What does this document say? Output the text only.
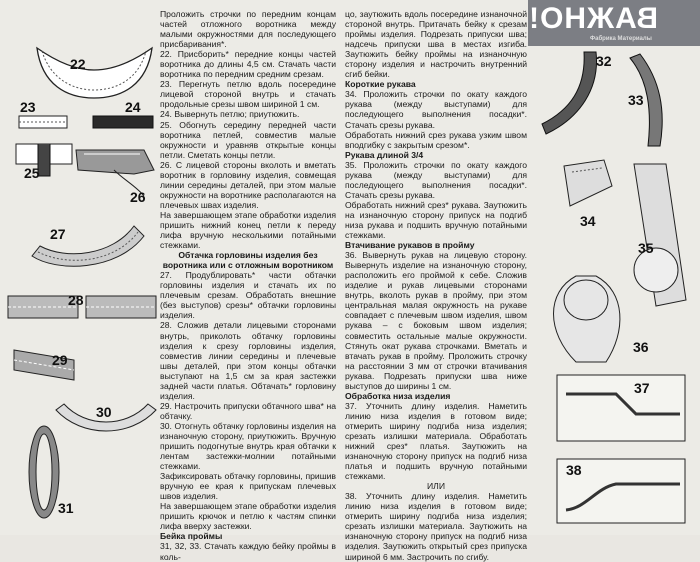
ВАЖНО!
Фабрика Материалы

Проложить строчки по передним концам частей отложного воротника между малыми окружностями для последующего присбаривания*.

22. Присборить* передние концы частей воротника до длины 4,5 см. Стачать части воротника по передним средним срезам.

23. Перегнуть петлю вдоль посередине лицевой стороной внутрь и стачать продольные срезы швом шириной 1 см.

24. Вывернуть петлю; приутюжить.

25. Обогнуть середину передней части воротника петлей, совместив малые окружности и уравняв открытые концы петли. Сметать концы петли.

26. С лицевой стороны вколоть и вметать воротник в горловину изделия, совмещая линии середины деталей, при этом малые окружности на воротнике располагаются на плечевых швах изделия.

На завершающем этапе обработки изделия пришить нижний конец петли к переду лифа вручную несколькими потайными стежками.

Обтачка горловины изделия без воротника или с отложным воротником

27. Продублировать* части обтачки горловины изделия и стачать их по плечевым срезам. Обработать внешние (без выступов) срезы* обтачки горловины изделия.

28. Сложив детали лицевыми сторонами внутрь, приколоть обтачку горловины изделия к срезу горловины изделия, совместив линии середины и плечевые швы деталей, при этом концы обтачки выступают на 1,5 см за края застежки задней части платья. Обтачать* горловину изделия.

29. Настрочить припуски обтачного шва* на обтачку.

30. Отогнуть обтачку горловины изделия на изнаночную сторону, приутюжить. Вручную пришить подогнутые внутрь края обтачки к лентам застежки-молнии потайными стежками.

Зафиксировать обтачку горловины, пришив вручную ее края к припускам плечевых швов изделия.

На завершающем этапе обработки изделия пришить крючок и петлю к частям спинки лифа вверху застежки.

Бейка проймы

31, 32, 33. Стачать каждую бейку проймы в коль-

цо, заутюжить вдоль посередине изнаночной стороной внутрь. Притачать бейку к срезам проймы изделия. Подрезать припуски шва; надсечь припуски шва в местах изгиба. Заутюжить бейку проймы на изнаночную сторону изделия и настрочить внутренний сгиб бейки.

Короткие рукава

34. Проложить строчки по окату каждого рукава (между выступами) для последующего выполнения посадки*. Стачать срезы рукава.

Обработать нижний срез рукава узким швом вподгибку с закрытым срезом*.

Рукава длиной 3/4

35. Проложить строчки по окату каждого рукава (между выступами) для последующего выполнения посадки*. Стачать срезы рукава.

Обработать нижний срез* рукава. Заутюжить на изнаночную сторону припуск на подгиб низа рукава и подшить вручную потайными стежками.

Втачивание рукавов в пройму

36. Вывернуть рукав на лицевую сторону. Вывернуть изделие на изнаночную сторону, расположить его проймой к себе. Сложив изделие и рукав лицевыми сторонами внутрь, вколоть рукав в пройму, при этом центральная малая окружность на рукаве совпадает с плечевым швом изделия, швом рукава – с боковым швом изделия; совместить остальные малые окружности. Стянуть окат рукава строчками. Вметать и втачать рукав в пройму. Проложить строчку на расстоянии 3 мм от строчки втачивания рукава. Подрезать припуски шва ниже выступов до ширины 1 см.

Обработка низа изделия

37. Уточнить длину изделия. Наметить линию низа изделия в готовом виде; отмерить ширину подгиба низа изделия; срезать излишки материала. Обработать нижний срез* платья. Заутюжить на изнаночную сторону припуск на подгиб низа платья и подшить вручную потайными стежками.

ИЛИ

38. Уточнить длину изделия. Наметить линию низа изделия в готовом виде; отмерить ширину подгиба низа изделия; срезать излишки материала. Заутюжить на изнаночную сторону припуск на подгиб низа изделия. Заутюжить открытый срез припуска шириной 6 мм. Застрочить по сгибу.

22
23	24
25
26
27
28
29
30
31
32
33
34
35
36
37
38
